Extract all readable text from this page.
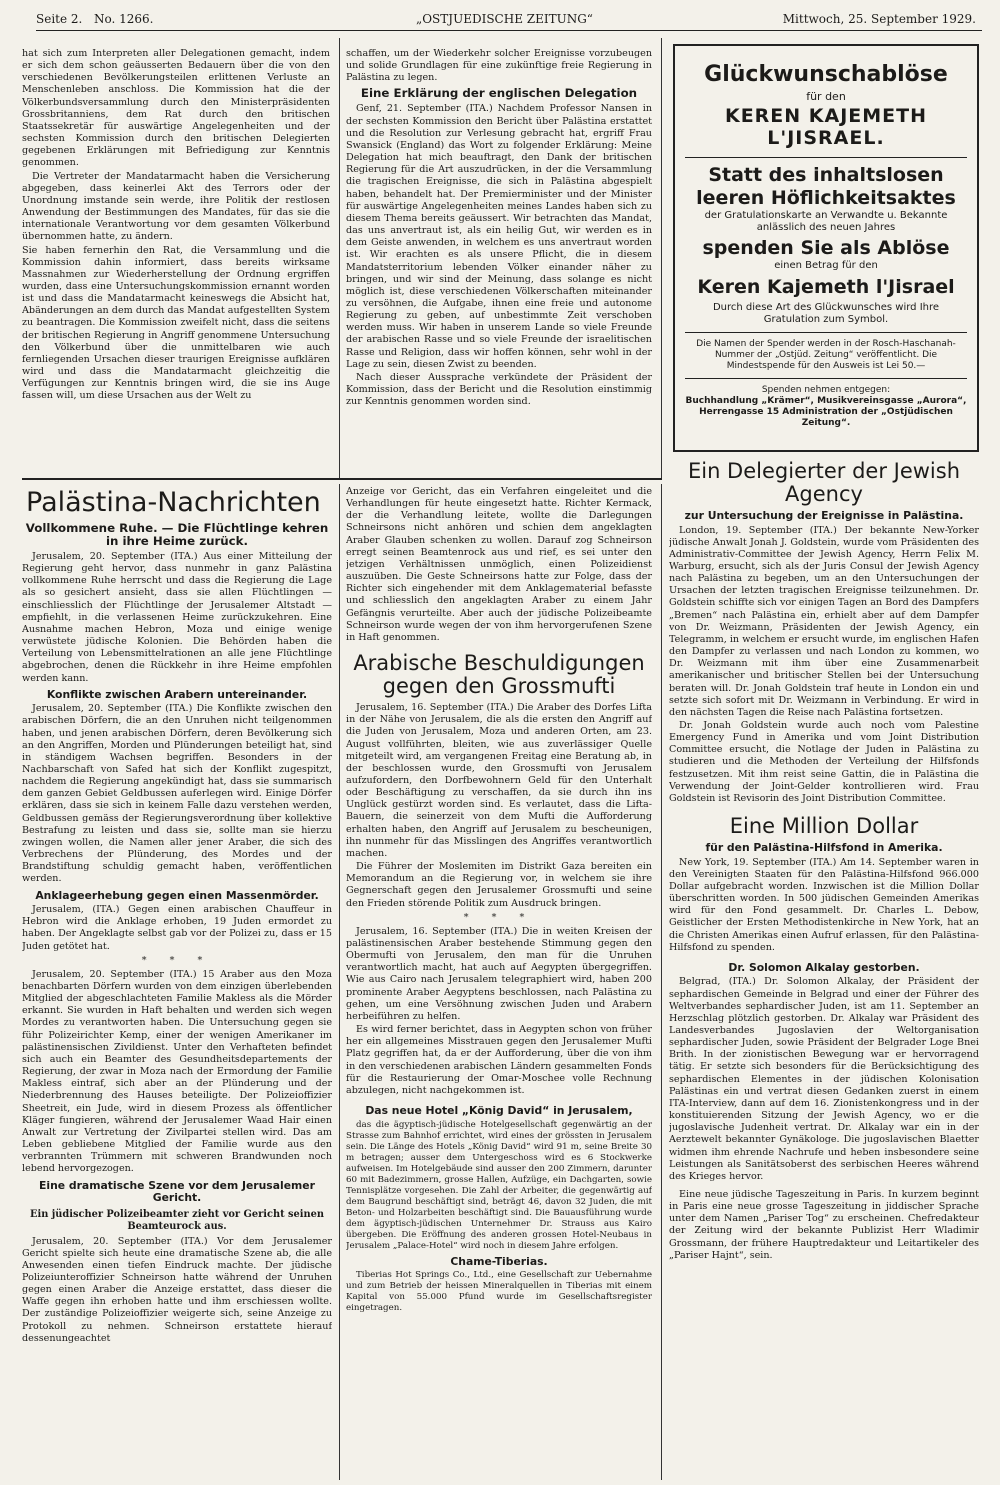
Seite 2. No. 1266.	„OSTJUEDISCHE ZEITUNG“	Mittwoch, 25. September 1929.

hat sich zum Interpreten aller Delegationen gemacht, indem er sich dem schon geäusserten Bedauern über die von den verschiedenen Bevölkerungsteilen erlittenen Verluste an Menschenleben anschloss. Die Kommission hat die der Völkerbundsversammlung durch den Ministerpräsidenten Grossbritanniens, dem Rat durch den britischen Staatssekretär für auswärtige Angelegenheiten und der sechsten Kommission durch den britischen Delegierten gegebenen Erklärungen mit Befriedigung zur Kenntnis genommen.

Die Vertreter der Mandatarmacht haben die Versicherung abgegeben, dass keinerlei Akt des Terrors oder der Unordnung imstande sein werde, ihre Politik der restlosen Anwendung der Bestimmungen des Mandates, für das sie die internationale Verantwortung vor dem gesamten Völkerbund übernommen hatte, zu ändern.

Sie haben fernerhin den Rat, die Versammlung und die Kommission dahin informiert, dass bereits wirksame Massnahmen zur Wiederherstellung der Ordnung ergriffen wurden, dass eine Untersuchungskommission ernannt worden ist und dass die Mandatarmacht keineswegs die Absicht hat, Abänderungen an dem durch das Mandat aufgestellten System zu beantragen. Die Kommission zweifelt nicht, dass die seitens der britischen Regierung in Angriff genommene Untersuchung den Völkerbund über die unmittelbaren wie auch fernliegenden Ursachen dieser traurigen Ereignisse aufklären wird und dass die Mandatarmacht gleichzeitig die Verfügungen zur Kenntnis bringen wird, die sie ins Auge fassen will, um diese Ursachen aus der Welt zu

schaffen, um der Wiederkehr solcher Ereignisse vorzubeugen und solide Grundlagen für eine zukünftige freie Regierung in Palästina zu legen.

Eine Erklärung der englischen Delegation

Genf, 21. September (ITA.) Nachdem Professor Nansen in der sechsten Kommission den Bericht über Palästina erstattet und die Resolution zur Verlesung gebracht hat, ergriff Frau Swansick (England) das Wort zu folgender Erklärung: Meine Delegation hat mich beauftragt, den Dank der britischen Regierung für die Art auszudrücken, in der die Versammlung die tragischen Ereignisse, die sich in Palästina abgespielt haben, behandelt hat. Der Premierminister und der Minister für auswärtige Angelegenheiten meines Landes haben sich zu diesem Thema bereits geäussert. Wir betrachten das Mandat, das uns anvertraut ist, als ein heilig Gut, wir werden es in dem Geiste anwenden, in welchem es uns anvertraut worden ist. Wir erachten es als unsere Pflicht, die in diesem Mandatsterritorium lebenden Völker einander näher zu bringen, und wir sind der Meinung, dass solange es nicht möglich ist, diese verschiedenen Völkerschaften miteinander zu versöhnen, die Aufgabe, ihnen eine freie und autonome Regierung zu geben, auf unbestimmte Zeit verschoben werden muss. Wir haben in unserem Lande so viele Freunde der arabischen Rasse und so viele Freunde der israelitischen Rasse und Religion, dass wir hoffen können, sehr wohl in der Lage zu sein, diesen Zwist zu beenden.

Nach dieser Aussprache verkündete der Präsident der Kommission, dass der Bericht und die Resolution einstimmig zur Kenntnis genommen worden sind.

Glückwunschablöse
für den
KEREN KAJEMETH L'JISRAEL.
Statt des inhaltslosen leeren Höflichkeitsaktes
der Gratulationskarte an Verwandte u. Bekannte anlässlich des neuen Jahres
spenden Sie als Ablöse
einen Betrag für den
Keren Kajemeth l'Jisrael
Durch diese Art des Glückwunsches wird Ihre Gratulation zum Symbol.
Die Namen der Spender werden in der Rosch-Haschanah-Nummer der „Ostjüd. Zeitung“ veröffentlicht. Die Mindestspende für den Ausweis ist Lei 50.—
Spenden nehmen entgegen:
Buchhandlung „Krämer“, Musikvereinsgasse „Aurora“, Herrengasse 15 Administration der „Ostjüdischen Zeitung“.
Palästina-Nachrichten
Vollkommene Ruhe. — Die Flüchtlinge kehren in ihre Heime zurück.

Jerusalem, 20. September (ITA.) Aus einer Mitteilung der Regierung geht hervor, dass nunmehr in ganz Palästina vollkommene Ruhe herrscht und dass die Regierung die Lage als so gesichert ansieht, dass sie allen Flüchtlingen — einschliesslich der Flüchtlinge der Jerusalemer Altstadt — empfiehlt, in die verlassenen Heime zurückzukehren. Eine Ausnahme machen Hebron, Moza und einige wenige verwüstete jüdische Kolonien. Die Behörden haben die Verteilung von Lebensmittelrationen an alle jene Flüchtlinge abgebrochen, denen die Rückkehr in ihre Heime empfohlen werden kann.

Konflikte zwischen Arabern untereinander.

Jerusalem, 20. September (ITA.) Die Konflikte zwischen den arabischen Dörfern, die an den Unruhen nicht teilgenommen haben, und jenen arabischen Dörfern, deren Bevölkerung sich an den Angriffen, Morden und Plünderungen beteiligt hat, sind in ständigem Wachsen begriffen. Besonders in der Nachbarschaft von Safed hat sich der Konflikt zugespitzt, nachdem die Regierung angekündigt hat, dass sie summarisch dem ganzen Gebiet Geldbussen auferlegen wird. Einige Dörfer erklären, dass sie sich in keinem Falle dazu verstehen werden, Geldbussen gemäss der Regierungsverordnung über kollektive Bestrafung zu leisten und dass sie, sollte man sie hierzu zwingen wollen, die Namen aller jener Araber, die sich des Verbrechens der Plünderung, des Mordes und der Brandstiftung schuldig gemacht haben, veröffentlichen werden.

Anklageerhebung gegen einen Massenmörder.

Jerusalem, (ITA.) Gegen einen arabischen Chauffeur in Hebron wird die Anklage erhoben, 19 Juden ermordet zu haben. Der Angeklagte selbst gab vor der Polizei zu, dass er 15 Juden getötet hat.

* * *

Jerusalem, 20. September (ITA.) 15 Araber aus den Moza benachbarten Dörfern wurden von dem einzigen überlebenden Mitglied der abgeschlachteten Familie Makless als die Mörder erkannt. Sie wurden in Haft behalten und werden sich wegen Mordes zu verantworten haben. Die Untersuchung gegen sie führ Polizeirichter Kemp, einer der wenigen Amerikaner im palästinensischen Zivildienst. Unter den Verhafteten befindet sich auch ein Beamter des Gesundheitsdepartements der Regierung, der zwar in Moza nach der Ermordung der Familie Makless eintraf, sich aber an der Plünderung und der Niederbrennung des Hauses beteiligte. Der Polizeioffizier Sheetreit, ein Jude, wird in diesem Prozess als öffentlicher Kläger fungieren, während der Jerusalemer Waad Hair einen Anwalt zur Vertretung der Zivilpartei stellen wird. Das am Leben gebliebene Mitglied der Familie wurde aus den verbrannten Trümmern mit schweren Brandwunden noch lebend hervorgezogen.

Eine dramatische Szene vor dem Jerusalemer Gericht.
Ein jüdischer Polizeibeamter zieht vor Gericht seinen Beamteurock aus.

Jerusalem, 20. September (ITA.) Vor dem Jerusalemer Gericht spielte sich heute eine dramatische Szene ab, die alle Anwesenden einen tiefen Eindruck machte. Der jüdische Polizeiunteroffizier Schneirson hatte während der Unruhen gegen einen Araber die Anzeige erstattet, dass dieser die Waffe gegen ihn erhoben hatte und ihm erschiessen wollte. Der zuständige Polizeioffizier weigerte sich, seine Anzeige zu Protokoll zu nehmen. Schneirson erstattete hierauf dessenungeachtet

Anzeige vor Gericht, das ein Verfahren eingeleitet und die Verhandlungen für heute eingesetzt hatte. Richter Kermack, der die Verhandlung leitete, wollte die Darlegungen Schneirsons nicht anhören und schien dem angeklagten Araber Glauben schenken zu wollen. Darauf zog Schneirson erregt seinen Beamtenrock aus und rief, es sei unter den jetzigen Verhältnissen unmöglich, einen Polizeidienst auszuüben. Die Geste Schneirsons hatte zur Folge, dass der Richter sich eingehender mit dem Anklagematerial befasste und schliesslich den angeklagten Araber zu einem Jahr Gefängnis verurteilte. Aber auch der jüdische Polizeibeamte Schneirson wurde wegen der von ihm hervorgerufenen Szene in Haft genommen.

Arabische Beschuldigungen gegen den Grossmufti

Jerusalem, 16. September (ITA.) Die Araber des Dorfes Lifta in der Nähe von Jerusalem, die als die ersten den Angriff auf die Juden von Jerusalem, Moza und anderen Orten, am 23. August vollführten, bleiten, wie aus zuverlässiger Quelle mitgeteilt wird, am vergangenen Freitag eine Beratung ab, in der beschlossen wurde, den Grossmufti von Jerusalem aufzufordern, den Dorfbewohnern Geld für den Unterhalt oder Beschäftigung zu verschaffen, da sie durch ihn ins Unglück gestürzt worden sind. Es verlautet, dass die Lifta-Bauern, die seinerzeit von dem Mufti die Aufforderung erhalten haben, den Angriff auf Jerusalem zu bescheunigen, ihn nunmehr für das Misslingen des Angriffes verantwortlich machen.

Die Führer der Moslemiten im Distrikt Gaza bereiten ein Memorandum an die Regierung vor, in welchem sie ihre Gegnerschaft gegen den Jerusalemer Grossmufti und seine den Frieden störende Politik zum Ausdruck bringen.

* * *

Jerusalem, 16. September (ITA.) Die in weiten Kreisen der palästinensischen Araber bestehende Stimmung gegen den Obermufti von Jerusalem, den man für die Unruhen verantwortlich macht, hat auch auf Aegypten übergegriffen. Wie aus Cairo nach Jerusalem telegraphiert wird, haben 200 prominente Araber Aegyptens beschlossen, nach Palästina zu gehen, um eine Versöhnung zwischen Juden und Arabern herbeiführen zu helfen.

Es wird ferner berichtet, dass in Aegypten schon von früher her ein allgemeines Misstrauen gegen den Jerusalemer Mufti Platz gegriffen hat, da er der Aufforderung, über die von ihm in den verschiedenen arabischen Ländern gesammelten Fonds für die Restaurierung der Omar-Moschee volle Rechnung abzulegen, nicht nachgekommen ist.

Das neue Hotel „König David“ in Jerusalem,

das die ägyptisch-jüdische Hotelgesellschaft gegenwärtig an der Strasse zum Bahnhof errichtet, wird eines der grössten in Jerusalem sein. Die Länge des Hotels „König David“ wird 91 m, seine Breite 30 m betragen; ausser dem Untergeschoss wird es 6 Stockwerke aufweisen. Im Hotelgebäude sind ausser den 200 Zimmern, darunter 60 mit Badezimmern, grosse Hallen, Aufzüge, ein Dachgarten, sowie Tennisplätze vorgesehen. Die Zahl der Arbeiter, die gegenwärtig auf dem Baugrund beschäftigt sind, beträgt 46, davon 32 Juden, die mit Beton- und Holzarbeiten beschäftigt sind. Die Bauausführung wurde dem ägyptisch-jüdischen Unternehmer Dr. Strauss aus Kairo übergeben. Die Eröffnung des anderen grossen Hotel-Neubaus in Jerusalem „Palace-Hotel“ wird noch in diesem Jahre erfolgen.

Chame-Tiberias.

Tiberias Hot Springs Co., Ltd., eine Gesellschaft zur Uebernahme und zum Betrieb der heissen Mineralquellen in Tiberias mit einem Kapital von 55.000 Pfund wurde im Gesellschaftsregister eingetragen.

Ein Delegierter der Jewish Agency
zur Untersuchung der Ereignisse in Palästina.

London, 19. September (ITA.) Der bekannte New-Yorker jüdische Anwalt Jonah J. Goldstein, wurde vom Präsidenten des Administrativ-Committee der Jewish Agency, Herrn Felix M. Warburg, ersucht, sich als der Juris Consul der Jewish Agency nach Palästina zu begeben, um an den Untersuchungen der Ursachen der letzten tragischen Ereignisse teilzunehmen. Dr. Goldstein schiffte sich vor einigen Tagen an Bord des Dampfers „Bremen“ nach Palästina ein, erhielt aber auf dem Dampfer von Dr. Weizmann, Präsidenten der Jewish Agency, ein Telegramm, in welchem er ersucht wurde, im englischen Hafen den Dampfer zu verlassen und nach London zu kommen, wo Dr. Weizmann mit ihm über eine Zusammenarbeit amerikanischer und britischer Stellen bei der Untersuchung beraten will. Dr. Jonah Goldstein traf heute in London ein und setzte sich sofort mit Dr. Weizmann in Verbindung. Er wird in den nächsten Tagen die Reise nach Palästina fortsetzen.

Dr. Jonah Goldstein wurde auch noch vom Palestine Emergency Fund in Amerika und vom Joint Distribution Committee ersucht, die Notlage der Juden in Palästina zu studieren und die Methoden der Verteilung der Hilfsfonds festzusetzen. Mit ihm reist seine Gattin, die in Palästina die Verwendung der Joint-Gelder kontrollieren wird. Frau Goldstein ist Revisorin des Joint Distribution Committee.

Eine Million Dollar
für den Palästina-Hilfsfond in Amerika.

New York, 19. September (ITA.) Am 14. September waren in den Vereinigten Staaten für den Palästina-Hilfsfond 966.000 Dollar aufgebracht worden. Inzwischen ist die Million Dollar überschritten worden. In 500 jüdischen Gemeinden Amerikas wird für den Fond gesammelt. Dr. Charles L. Debow, Geistlicher der Ersten Methodistenkirche in New York, hat an die Christen Amerikas einen Aufruf erlassen, für den Palästina-Hilfsfond zu spenden.

Dr. Solomon Alkalay gestorben.

Belgrad, (ITA.) Dr. Solomon Alkalay, der Präsident der sephardischen Gemeinde in Belgrad und einer der Führer des Weltverbandes sephardischer Juden, ist am 11. September an Herzschlag plötzlich gestorben. Dr. Alkalay war Präsident des Landesverbandes Jugoslavien der Weltorganisation sephardischer Juden, sowie Präsident der Belgrader Loge Bnei Brith. In der zionistischen Bewegung war er hervorragend tätig. Er setzte sich besonders für die Berücksichtigung des sephardischen Elementes in der jüdischen Kolonisation Palästinas ein und vertrat diesen Gedanken zuerst in einem ITA-Interview, dann auf dem 16. Zionistenkongress und in der konstituierenden Sitzung der Jewish Agency, wo er die jugoslavische Judenheit vertrat. Dr. Alkalay war ein in der Aerztewelt bekannter Gynäkologe. Die jugoslavischen Blaetter widmen ihm ehrende Nachrufe und heben insbesondere seine Leistungen als Sanitätsoberst des serbischen Heeres während des Krieges hervor.

Eine neue jüdische Tageszeitung in Paris. In kurzem beginnt in Paris eine neue grosse Tageszeitung in jiddischer Sprache unter dem Namen „Pariser Tog“ zu erscheinen. Chefredakteur der Zeitung wird der bekannte Publizist Herr Wladimir Grossmann, der frühere Hauptredakteur und Leitartikeler des „Pariser Hajnt“, sein.
